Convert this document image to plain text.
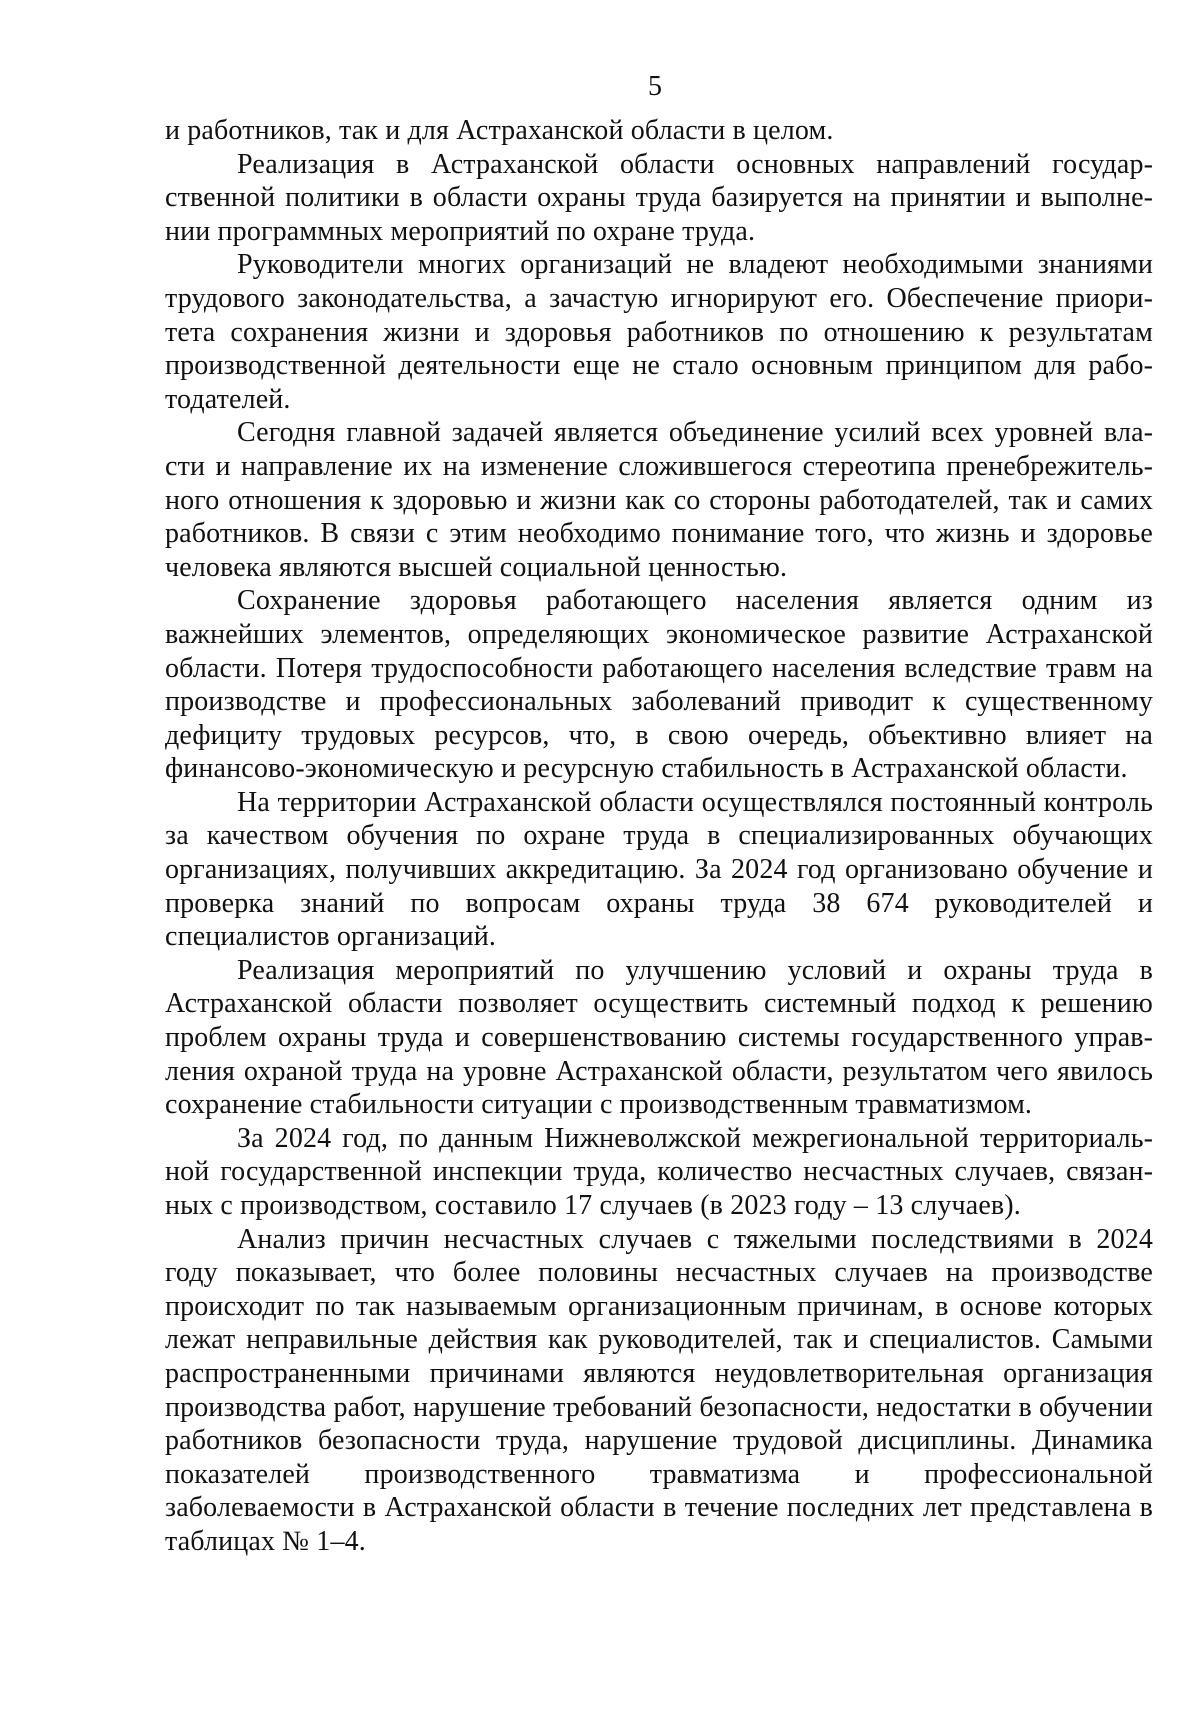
5

и работников, так и для Астраханской области в целом.

Реализация в Астраханской области основных направлений государственной политики в области охраны труда базируется на принятии и выполнении программных мероприятий по охране труда.

Руководители многих организаций не владеют необходимыми знаниями трудового законодательства, а зачастую игнорируют его. Обеспечение приоритета сохранения жизни и здоровья работников по отношению к результатам производственной деятельности еще не стало основным принципом для работодателей.

Сегодня главной задачей является объединение усилий всех уровней власти и направление их на изменение сложившегося стереотипа пренебрежительного отношения к здоровью и жизни как со стороны работодателей, так и самих работников. В связи с этим необходимо понимание того, что жизнь и здоровье человека являются высшей социальной ценностью.

Сохранение здоровья работающего населения является одним из важнейших элементов, определяющих экономическое развитие Астраханской области. Потеря трудоспособности работающего населения вследствие травм на производстве и профессиональных заболеваний приводит к существенному дефициту трудовых ресурсов, что, в свою очередь, объективно влияет на финансово-экономическую и ресурсную стабильность в Астраханской области.

На территории Астраханской области осуществлялся постоянный контроль за качеством обучения по охране труда в специализированных обучающих организациях, получивших аккредитацию. За 2024 год организовано обучение и проверка знаний по вопросам охраны труда 38 674 руководителей и специалистов организаций.

Реализация мероприятий по улучшению условий и охраны труда в Астраханской области позволяет осуществить системный подход к решению проблем охраны труда и совершенствованию системы государственного управления охраной труда на уровне Астраханской области, результатом чего явилось сохранение стабильности ситуации с производственным травматизмом.

За 2024 год, по данным Нижневолжской межрегиональной территориальной государственной инспекции труда, количество несчастных случаев, связанных с производством, составило 17 случаев (в 2023 году – 13 случаев).

Анализ причин несчастных случаев с тяжелыми последствиями в 2024 году показывает, что более половины несчастных случаев на производстве происходит по так называемым организационным причинам, в основе которых лежат неправильные действия как руководителей, так и специалистов. Самыми распространенными причинами являются неудовлетворительная организация производства работ, нарушение требований безопасности, недостатки в обучении работников безопасности труда, нарушение трудовой дисциплины. Динамика показателей производственного травматизма и профессиональной заболеваемости в Астраханской области в течение последних лет представлена в таблицах № 1–4.
